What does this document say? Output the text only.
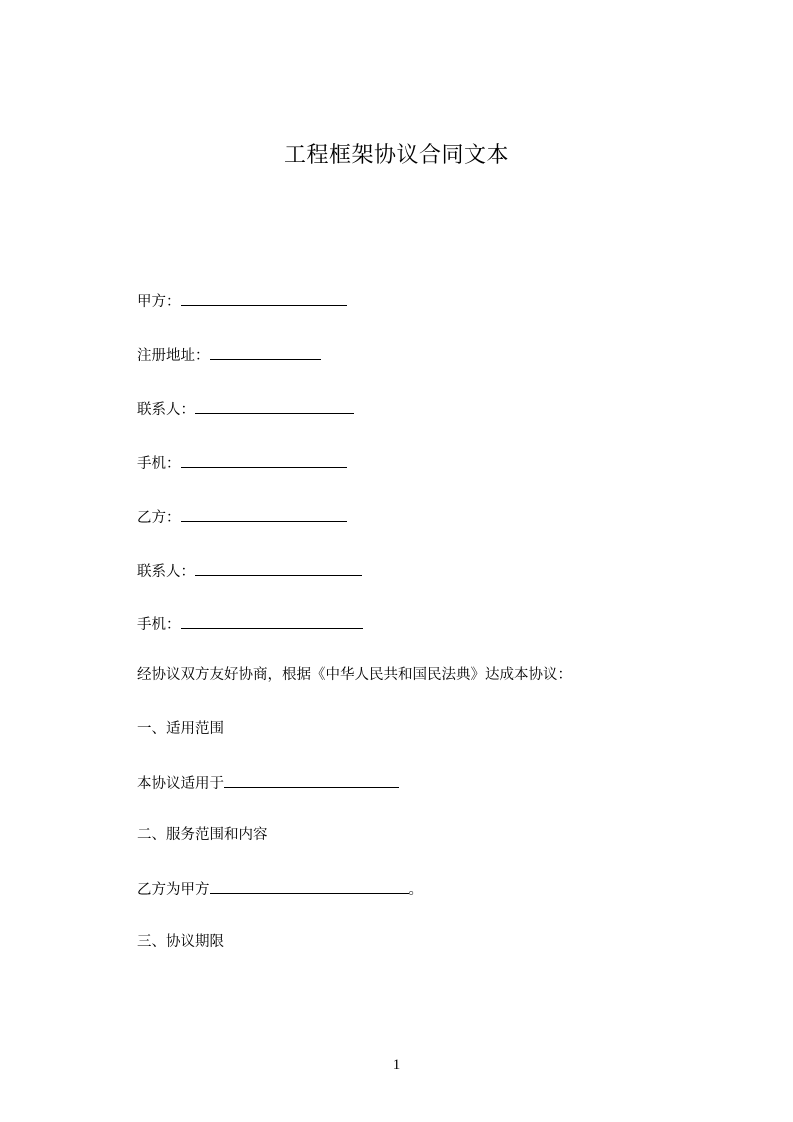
工程框架协议合同文本
甲方：
注册地址：
联系人：
手机：
乙方：
联系人：
手机：
经协议双方友好协商，根据《中华人民共和国民法典》达成本协议：
一、适用范围
本协议适用于
二、服务范围和内容
乙方为甲方	。
三、协议期限
1
